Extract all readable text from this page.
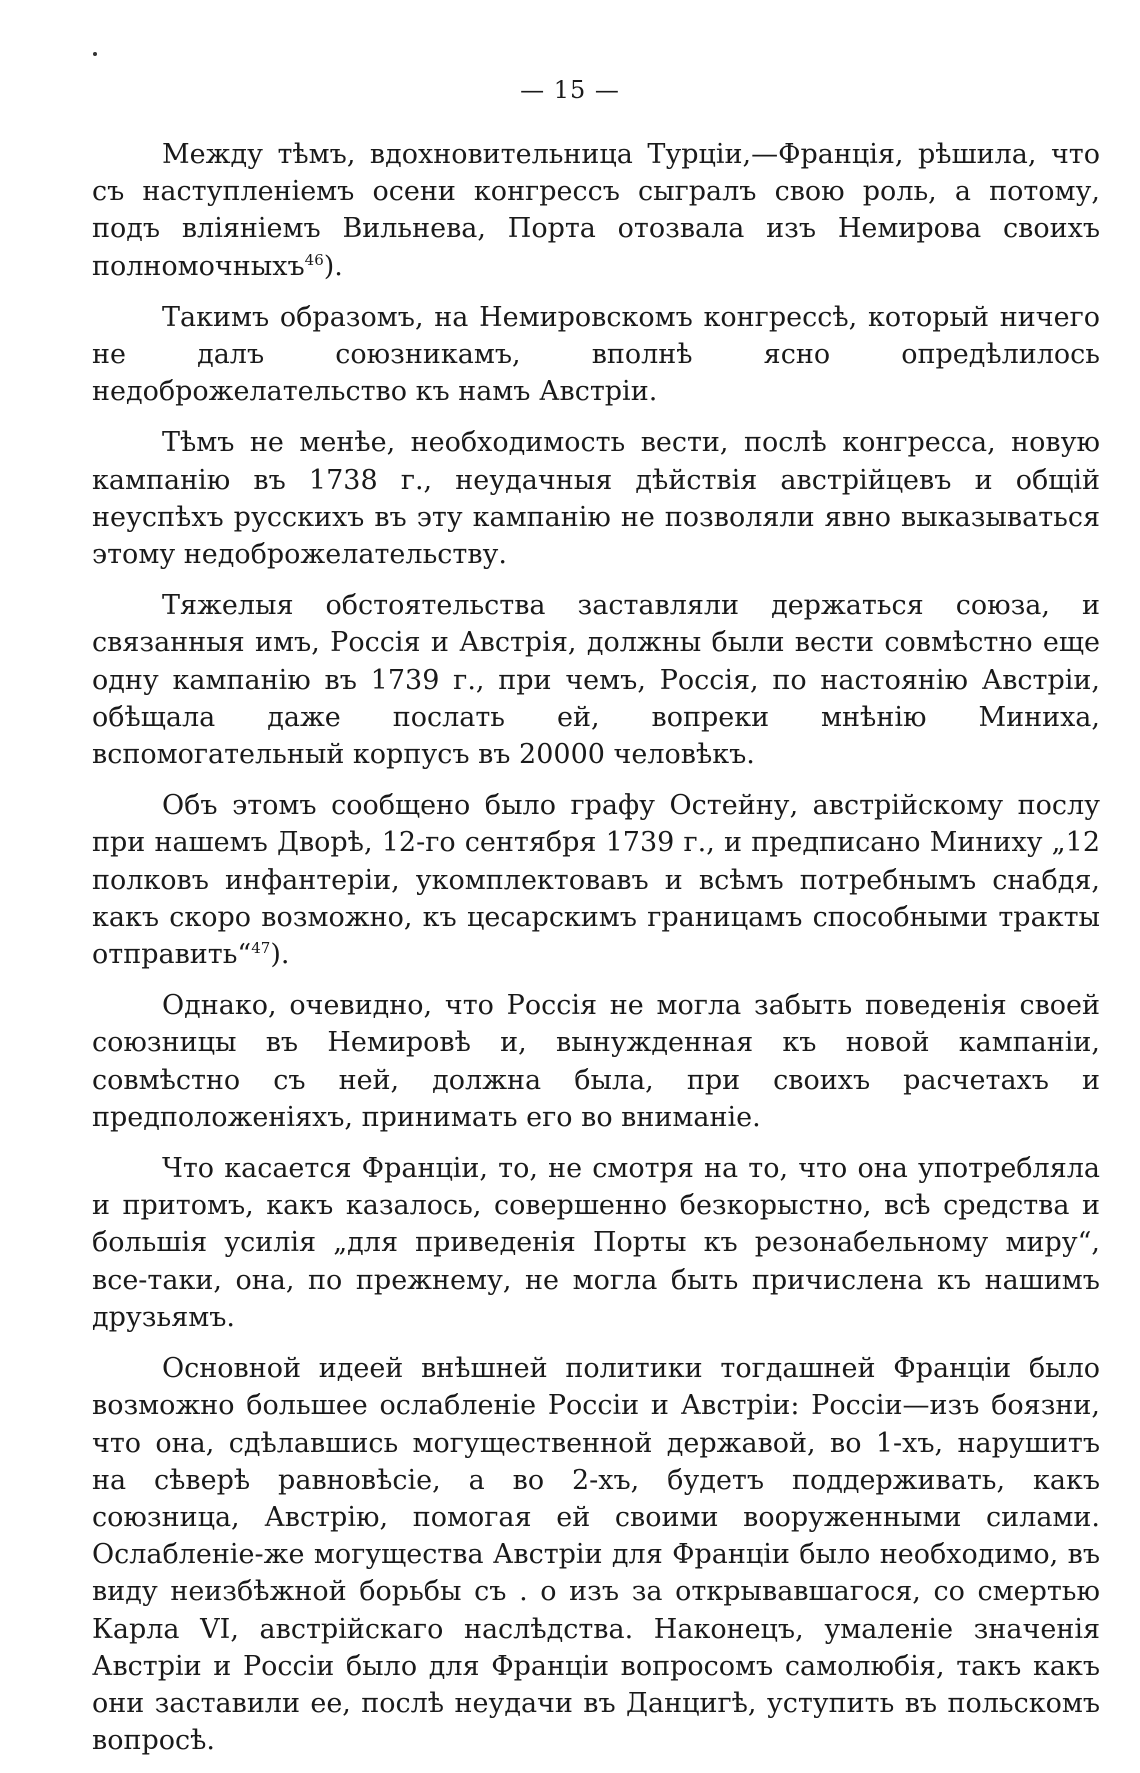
— 15 —

Между тѣмъ, вдохновительница Турціи,—Франція, рѣшила, что съ наступленіемъ осени конгрессъ сыгралъ свою роль, а потому, подъ вліяніемъ Вильнева, Порта отозвала изъ Немирова своихъ полномочныхъ$^{46}$).

Такимъ образомъ, на Немировскомъ конгрессѣ, который ничего не далъ союзникамъ, вполнѣ ясно опредѣлилось недоброжелательство къ намъ Австріи.

Тѣмъ не менѣе, необходимость вести, послѣ конгресса, новую кампанію въ 1738 г., неудачныя дѣйствія австрійцевъ и общій неуспѣхъ русскихъ въ эту кампанію не позволяли явно выказываться этому недоброжелательству.

Тяжелыя обстоятельства заставляли держаться союза, и связанныя имъ, Россія и Австрія, должны были вести совмѣстно еще одну кампанію въ 1739 г., при чемъ, Россія, по настоянію Австріи, обѣщала даже послать ей, вопреки мнѣнію Миниха, вспомогательный корпусъ въ 20000 человѣкъ.

Объ этомъ сообщено было графу Остейну, австрійскому послу при нашемъ Дворѣ, 12-го сентября 1739 г., и предписано Миниху „12 полковъ инфантеріи, укомплектовавъ и всѣмъ потребнымъ снабдя, какъ скоро возможно, къ цесарскимъ границамъ способными тракты отправить“$^{47}$).

Однако, очевидно, что Россія не могла забыть поведенія своей союзницы въ Немировѣ и, вынужденная къ новой кампаніи, совмѣстно съ ней, должна была, при своихъ расчетахъ и предположеніяхъ, принимать его во вниманіе.

Что касается Франціи, то, не смотря на то, что она употребляла и притомъ, какъ казалось, совершенно безкорыстно, всѣ средства и большія усилія „для приведенія Порты къ резонабельному миру“, все-таки, она, по прежнему, не могла быть причислена къ нашимъ друзьямъ.

Основной идеей внѣшней политики тогдашней Франціи было возможно большее ослабленіе Россіи и Австріи: Россіи—изъ боязни, что она, сдѣлавшись могущественной державой, во 1-хъ, нарушитъ на сѣверѣ равновѣсіе, а во 2-хъ, будетъ поддерживать, какъ союзница, Австрію, помогая ей своими вооруженными силами. Ослабленіе-же могущества Австріи для Франціи было необходимо, въ виду неизбѣжной борьбы съ . о изъ за открывавшагося, со смертью Карла VI, австрійскаго наслѣдства. Наконецъ, умаленіе значенія Австріи и Россіи было для Франціи вопросомъ самолюбія, такъ какъ они заставили ее, послѣ неудачи въ Данцигѣ, уступить въ польскомъ вопросѣ.
